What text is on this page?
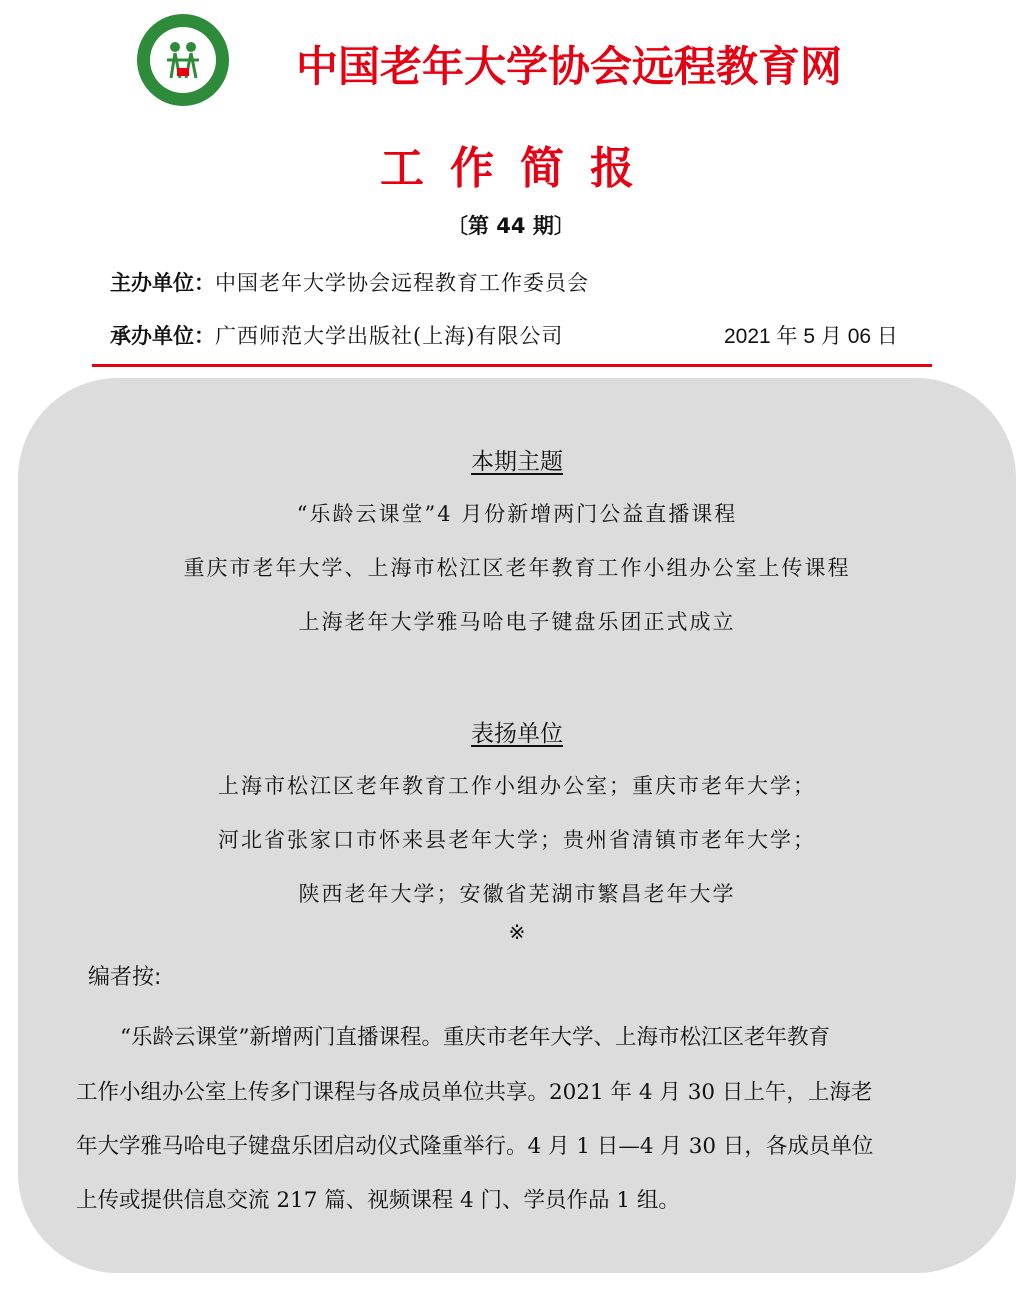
中国老年大学协会远程教育网
工作简报
〔第 44 期〕
主办单位：中国老年大学协会远程教育工作委员会
承办单位：广西师范大学出版社(上海)有限公司	2021 年 5 月 06 日
本期主题
“乐龄云课堂”4 月份新增两门公益直播课程
重庆市老年大学、上海市松江区老年教育工作小组办公室上传课程
上海老年大学雅马哈电子键盘乐团正式成立
表扬单位
上海市松江区老年教育工作小组办公室；重庆市老年大学；
河北省张家口市怀来县老年大学；贵州省清镇市老年大学；
陕西老年大学；安徽省芜湖市繁昌老年大学
※
编者按:
“乐龄云课堂”新增两门直播课程。重庆市老年大学、上海市松江区老年教育
工作小组办公室上传多门课程与各成员单位共享。2021 年 4 月 30 日上午，上海老
年大学雅马哈电子键盘乐团启动仪式隆重举行。4 月 1 日—4 月 30 日，各成员单位
上传或提供信息交流 217 篇、视频课程 4 门、学员作品 1 组。
